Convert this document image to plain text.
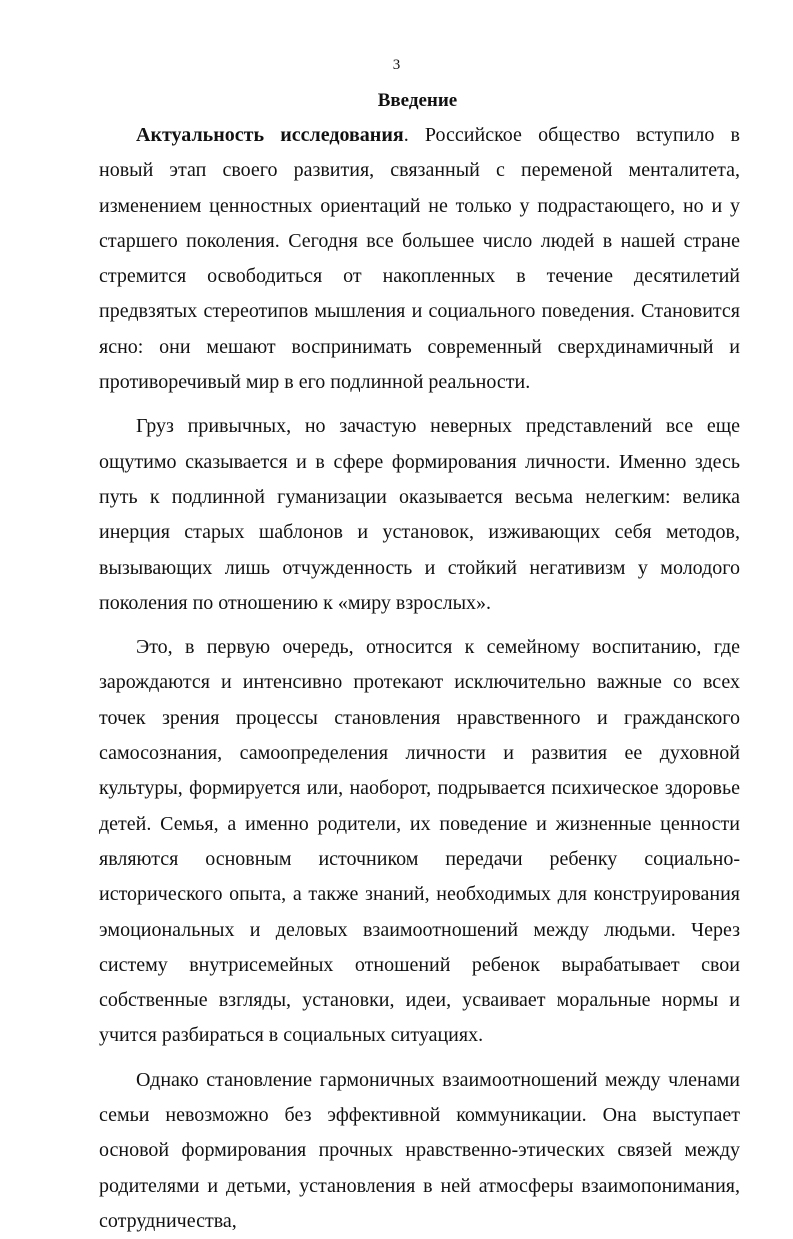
3
Введение

Актуальность исследования. Российское общество вступило в новый этап своего развития, связанный с переменой менталитета, изменением ценностных ориентаций не только у подрастающего, но и у старшего поколения. Сегодня все большее число людей в нашей стране стремится освободиться от накопленных в течение десятилетий предвзятых стереотипов мышления и социального поведения. Становится ясно: они мешают воспринимать современный сверхдинамичный и противоречивый мир в его подлинной реальности.

Груз привычных, но зачастую неверных представлений все еще ощутимо сказывается и в сфере формирования личности. Именно здесь путь к подлинной гуманизации оказывается весьма нелегким: велика инерция старых шаблонов и установок, изживающих себя методов, вызывающих лишь отчужденность и стойкий негативизм у молодого поколения по отношению к «миру взрослых».

Это, в первую очередь, относится к семейному воспитанию, где зарождаются и интенсивно протекают исключительно важные со всех точек зрения процессы становления нравственного и гражданского самосознания, самоопределения личности и развития ее духовной культуры, формируется или, наоборот, подрывается психическое здоровье детей. Семья, а именно родители, их поведение и жизненные ценности являются основным источником передачи ребенку социально-исторического опыта, а также знаний, необходимых для конструирования эмоциональных и деловых взаимоотношений между людьми. Через систему внутрисемейных отношений ребенок вырабатывает свои собственные взгляды, установки, идеи, усваивает моральные нормы и учится разбираться в социальных ситуациях.

Однако становление гармоничных взаимоотношений между членами семьи невозможно без эффективной коммуникации. Она выступает основой формирования прочных нравственно-этических связей между родителями и детьми, установления в ней атмосферы взаимопонимания, сотрудничества,
